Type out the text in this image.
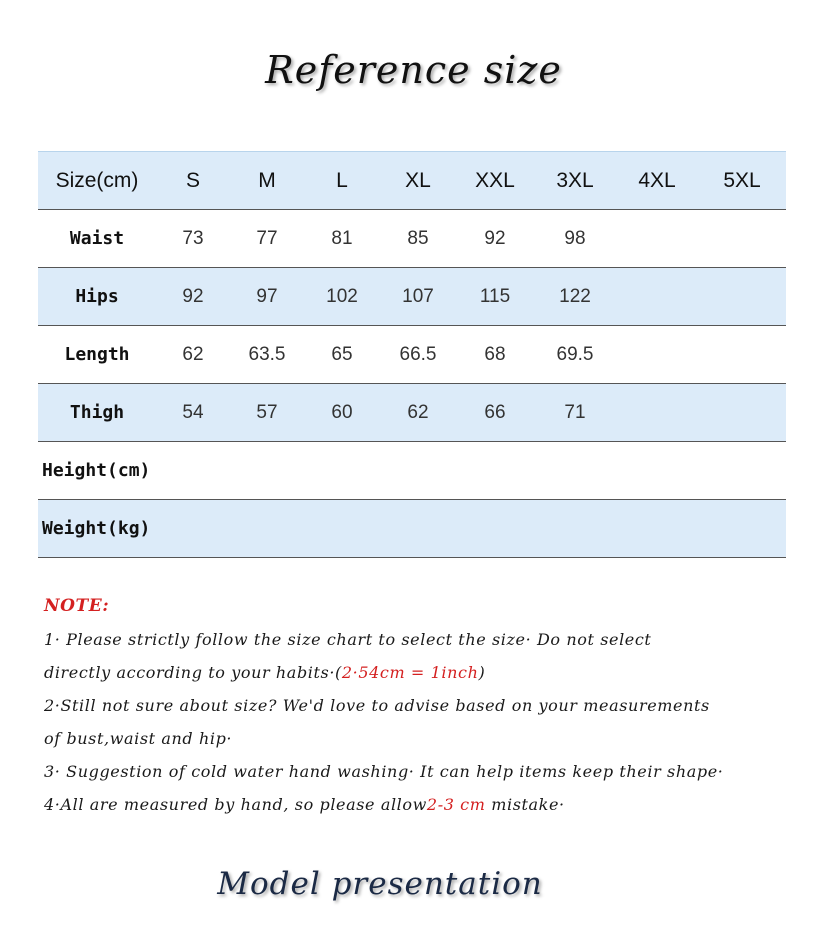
Reference size
Size(cm)	S	M	L	XL	XXL	3XL	4XL	5XL
Waist	73	77	81	85	92	98		
Hips	92	97	102	107	115	122		
Length	62	63.5	65	66.5	68	69.5		
Thigh	54	57	60	62	66	71		
Height(cm)								
Weight(kg)								
NOTE:
1· Please strictly follow the size chart to select the size· Do not select
directly according to your habits·(2·54cm = 1inch)
2·Still not sure about size? We'd love to advise based on your measurements
of bust,waist and hip·
3· Suggestion of cold water hand washing· It can help items keep their shape·
4·All are measured by hand, so please allow2-3 cm mistake·
Model presentation
